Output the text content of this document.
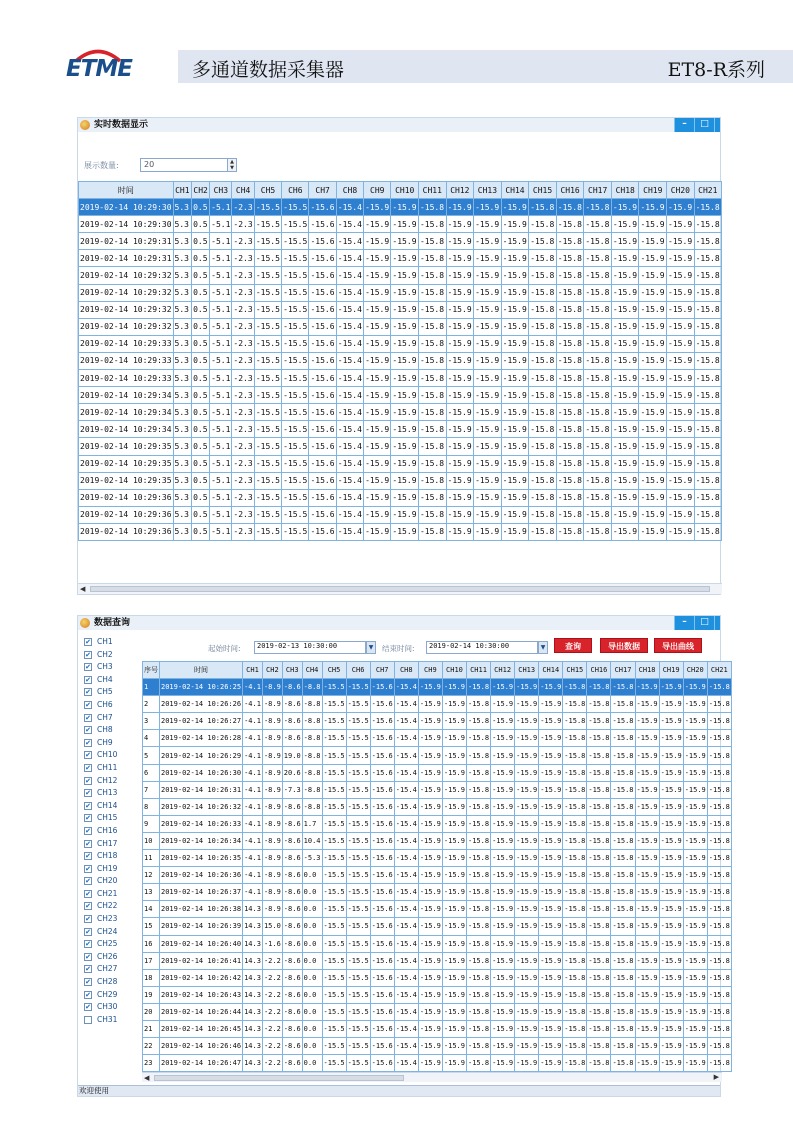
ETME	多通道数据采集器	ET8-R系列
实时数据显示	–	□
展示数量:	20	▲
▼
时间	CH1	CH2	CH3	CH4	CH5	CH6	CH7	CH8	CH9	CH10	CH11	CH12	CH13	CH14	CH15	CH16	CH17	CH18	CH19	CH20	CH21
2019-02-14 10:29:30	5.3	0.5	-5.1	-2.3	-15.5	-15.5	-15.6	-15.4	-15.9	-15.9	-15.8	-15.9	-15.9	-15.9	-15.8	-15.8	-15.8	-15.9	-15.9	-15.9	-15.8
2019-02-14 10:29:30	5.3	0.5	-5.1	-2.3	-15.5	-15.5	-15.6	-15.4	-15.9	-15.9	-15.8	-15.9	-15.9	-15.9	-15.8	-15.8	-15.8	-15.9	-15.9	-15.9	-15.8
2019-02-14 10:29:31	5.3	0.5	-5.1	-2.3	-15.5	-15.5	-15.6	-15.4	-15.9	-15.9	-15.8	-15.9	-15.9	-15.9	-15.8	-15.8	-15.8	-15.9	-15.9	-15.9	-15.8
2019-02-14 10:29:31	5.3	0.5	-5.1	-2.3	-15.5	-15.5	-15.6	-15.4	-15.9	-15.9	-15.8	-15.9	-15.9	-15.9	-15.8	-15.8	-15.8	-15.9	-15.9	-15.9	-15.8
2019-02-14 10:29:32	5.3	0.5	-5.1	-2.3	-15.5	-15.5	-15.6	-15.4	-15.9	-15.9	-15.8	-15.9	-15.9	-15.9	-15.8	-15.8	-15.8	-15.9	-15.9	-15.9	-15.8
2019-02-14 10:29:32	5.3	0.5	-5.1	-2.3	-15.5	-15.5	-15.6	-15.4	-15.9	-15.9	-15.8	-15.9	-15.9	-15.9	-15.8	-15.8	-15.8	-15.9	-15.9	-15.9	-15.8
2019-02-14 10:29:32	5.3	0.5	-5.1	-2.3	-15.5	-15.5	-15.6	-15.4	-15.9	-15.9	-15.8	-15.9	-15.9	-15.9	-15.8	-15.8	-15.8	-15.9	-15.9	-15.9	-15.8
2019-02-14 10:29:32	5.3	0.5	-5.1	-2.3	-15.5	-15.5	-15.6	-15.4	-15.9	-15.9	-15.8	-15.9	-15.9	-15.9	-15.8	-15.8	-15.8	-15.9	-15.9	-15.9	-15.8
2019-02-14 10:29:33	5.3	0.5	-5.1	-2.3	-15.5	-15.5	-15.6	-15.4	-15.9	-15.9	-15.8	-15.9	-15.9	-15.9	-15.8	-15.8	-15.8	-15.9	-15.9	-15.9	-15.8
2019-02-14 10:29:33	5.3	0.5	-5.1	-2.3	-15.5	-15.5	-15.6	-15.4	-15.9	-15.9	-15.8	-15.9	-15.9	-15.9	-15.8	-15.8	-15.8	-15.9	-15.9	-15.9	-15.8
2019-02-14 10:29:33	5.3	0.5	-5.1	-2.3	-15.5	-15.5	-15.6	-15.4	-15.9	-15.9	-15.8	-15.9	-15.9	-15.9	-15.8	-15.8	-15.8	-15.9	-15.9	-15.9	-15.8
2019-02-14 10:29:34	5.3	0.5	-5.1	-2.3	-15.5	-15.5	-15.6	-15.4	-15.9	-15.9	-15.8	-15.9	-15.9	-15.9	-15.8	-15.8	-15.8	-15.9	-15.9	-15.9	-15.8
2019-02-14 10:29:34	5.3	0.5	-5.1	-2.3	-15.5	-15.5	-15.6	-15.4	-15.9	-15.9	-15.8	-15.9	-15.9	-15.9	-15.8	-15.8	-15.8	-15.9	-15.9	-15.9	-15.8
2019-02-14 10:29:34	5.3	0.5	-5.1	-2.3	-15.5	-15.5	-15.6	-15.4	-15.9	-15.9	-15.8	-15.9	-15.9	-15.9	-15.8	-15.8	-15.8	-15.9	-15.9	-15.9	-15.8
2019-02-14 10:29:35	5.3	0.5	-5.1	-2.3	-15.5	-15.5	-15.6	-15.4	-15.9	-15.9	-15.8	-15.9	-15.9	-15.9	-15.8	-15.8	-15.8	-15.9	-15.9	-15.9	-15.8
2019-02-14 10:29:35	5.3	0.5	-5.1	-2.3	-15.5	-15.5	-15.6	-15.4	-15.9	-15.9	-15.8	-15.9	-15.9	-15.9	-15.8	-15.8	-15.8	-15.9	-15.9	-15.9	-15.8
2019-02-14 10:29:35	5.3	0.5	-5.1	-2.3	-15.5	-15.5	-15.6	-15.4	-15.9	-15.9	-15.8	-15.9	-15.9	-15.9	-15.8	-15.8	-15.8	-15.9	-15.9	-15.9	-15.8
2019-02-14 10:29:36	5.3	0.5	-5.1	-2.3	-15.5	-15.5	-15.6	-15.4	-15.9	-15.9	-15.8	-15.9	-15.9	-15.9	-15.8	-15.8	-15.8	-15.9	-15.9	-15.9	-15.8
2019-02-14 10:29:36	5.3	0.5	-5.1	-2.3	-15.5	-15.5	-15.6	-15.4	-15.9	-15.9	-15.8	-15.9	-15.9	-15.9	-15.8	-15.8	-15.8	-15.9	-15.9	-15.9	-15.8
2019-02-14 10:29:36	5.3	0.5	-5.1	-2.3	-15.5	-15.5	-15.6	-15.4	-15.9	-15.9	-15.8	-15.9	-15.9	-15.9	-15.8	-15.8	-15.8	-15.9	-15.9	-15.9	-15.8
◀
数据查询	–	□
✔ CH1
✔ CH2
✔ CH3
✔ CH4
✔ CH5
✔ CH6
✔ CH7
✔ CH8
✔ CH9
✔ CH10
✔ CH11
✔ CH12
✔ CH13
✔ CH14
✔ CH15
✔ CH16
✔ CH17
✔ CH18
✔ CH19
✔ CH20
✔ CH21
✔ CH22
✔ CH23
✔ CH24
✔ CH25
✔ CH26
✔ CH27
✔ CH28
✔ CH29
✔ CH30
CH31
起始时间:	2019-02-13 10:30:00	▼	结束时间:	2019-02-14 10:30:00	▼	查询	导出数据	导出曲线
序号	时间	CH1	CH2	CH3	CH4	CH5	CH6	CH7	CH8	CH9	CH10	CH11	CH12	CH13	CH14	CH15	CH16	CH17	CH18	CH19	CH20	CH21
1	2019-02-14 10:26:25	-4.1	-8.9	-8.6	-8.8	-15.5	-15.5	-15.6	-15.4	-15.9	-15.9	-15.8	-15.9	-15.9	-15.9	-15.8	-15.8	-15.8	-15.9	-15.9	-15.9	-15.8
2	2019-02-14 10:26:26	-4.1	-8.9	-8.6	-8.8	-15.5	-15.5	-15.6	-15.4	-15.9	-15.9	-15.8	-15.9	-15.9	-15.9	-15.8	-15.8	-15.8	-15.9	-15.9	-15.9	-15.8
3	2019-02-14 10:26:27	-4.1	-8.9	-8.6	-8.8	-15.5	-15.5	-15.6	-15.4	-15.9	-15.9	-15.8	-15.9	-15.9	-15.9	-15.8	-15.8	-15.8	-15.9	-15.9	-15.9	-15.8
4	2019-02-14 10:26:28	-4.1	-8.9	-8.6	-8.8	-15.5	-15.5	-15.6	-15.4	-15.9	-15.9	-15.8	-15.9	-15.9	-15.9	-15.8	-15.8	-15.8	-15.9	-15.9	-15.9	-15.8
5	2019-02-14 10:26:29	-4.1	-8.9	19.0	-8.8	-15.5	-15.5	-15.6	-15.4	-15.9	-15.9	-15.8	-15.9	-15.9	-15.9	-15.8	-15.8	-15.8	-15.9	-15.9	-15.9	-15.8
6	2019-02-14 10:26:30	-4.1	-8.9	20.6	-8.8	-15.5	-15.5	-15.6	-15.4	-15.9	-15.9	-15.8	-15.9	-15.9	-15.9	-15.8	-15.8	-15.8	-15.9	-15.9	-15.9	-15.8
7	2019-02-14 10:26:31	-4.1	-8.9	-7.3	-8.8	-15.5	-15.5	-15.6	-15.4	-15.9	-15.9	-15.8	-15.9	-15.9	-15.9	-15.8	-15.8	-15.8	-15.9	-15.9	-15.9	-15.8
8	2019-02-14 10:26:32	-4.1	-8.9	-8.6	-8.8	-15.5	-15.5	-15.6	-15.4	-15.9	-15.9	-15.8	-15.9	-15.9	-15.9	-15.8	-15.8	-15.8	-15.9	-15.9	-15.9	-15.8
9	2019-02-14 10:26:33	-4.1	-8.9	-8.6	1.7	-15.5	-15.5	-15.6	-15.4	-15.9	-15.9	-15.8	-15.9	-15.9	-15.9	-15.8	-15.8	-15.8	-15.9	-15.9	-15.9	-15.8
10	2019-02-14 10:26:34	-4.1	-8.9	-8.6	10.4	-15.5	-15.5	-15.6	-15.4	-15.9	-15.9	-15.8	-15.9	-15.9	-15.9	-15.8	-15.8	-15.8	-15.9	-15.9	-15.9	-15.8
11	2019-02-14 10:26:35	-4.1	-8.9	-8.6	-5.3	-15.5	-15.5	-15.6	-15.4	-15.9	-15.9	-15.8	-15.9	-15.9	-15.9	-15.8	-15.8	-15.8	-15.9	-15.9	-15.9	-15.8
12	2019-02-14 10:26:36	-4.1	-8.9	-8.6	0.0	-15.5	-15.5	-15.6	-15.4	-15.9	-15.9	-15.8	-15.9	-15.9	-15.9	-15.8	-15.8	-15.8	-15.9	-15.9	-15.9	-15.8
13	2019-02-14 10:26:37	-4.1	-8.9	-8.6	0.0	-15.5	-15.5	-15.6	-15.4	-15.9	-15.9	-15.8	-15.9	-15.9	-15.9	-15.8	-15.8	-15.8	-15.9	-15.9	-15.9	-15.8
14	2019-02-14 10:26:38	14.3	-8.9	-8.6	0.0	-15.5	-15.5	-15.6	-15.4	-15.9	-15.9	-15.8	-15.9	-15.9	-15.9	-15.8	-15.8	-15.8	-15.9	-15.9	-15.9	-15.8
15	2019-02-14 10:26:39	14.3	15.0	-8.6	0.0	-15.5	-15.5	-15.6	-15.4	-15.9	-15.9	-15.8	-15.9	-15.9	-15.9	-15.8	-15.8	-15.8	-15.9	-15.9	-15.9	-15.8
16	2019-02-14 10:26:40	14.3	-1.6	-8.6	0.0	-15.5	-15.5	-15.6	-15.4	-15.9	-15.9	-15.8	-15.9	-15.9	-15.9	-15.8	-15.8	-15.8	-15.9	-15.9	-15.9	-15.8
17	2019-02-14 10:26:41	14.3	-2.2	-8.6	0.0	-15.5	-15.5	-15.6	-15.4	-15.9	-15.9	-15.8	-15.9	-15.9	-15.9	-15.8	-15.8	-15.8	-15.9	-15.9	-15.9	-15.8
18	2019-02-14 10:26:42	14.3	-2.2	-8.6	0.0	-15.5	-15.5	-15.6	-15.4	-15.9	-15.9	-15.8	-15.9	-15.9	-15.9	-15.8	-15.8	-15.8	-15.9	-15.9	-15.9	-15.8
19	2019-02-14 10:26:43	14.3	-2.2	-8.6	0.0	-15.5	-15.5	-15.6	-15.4	-15.9	-15.9	-15.8	-15.9	-15.9	-15.9	-15.8	-15.8	-15.8	-15.9	-15.9	-15.9	-15.8
20	2019-02-14 10:26:44	14.3	-2.2	-8.6	0.0	-15.5	-15.5	-15.6	-15.4	-15.9	-15.9	-15.8	-15.9	-15.9	-15.9	-15.8	-15.8	-15.8	-15.9	-15.9	-15.9	-15.8
21	2019-02-14 10:26:45	14.3	-2.2	-8.6	0.0	-15.5	-15.5	-15.6	-15.4	-15.9	-15.9	-15.8	-15.9	-15.9	-15.9	-15.8	-15.8	-15.8	-15.9	-15.9	-15.9	-15.8
22	2019-02-14 10:26:46	14.3	-2.2	-8.6	0.0	-15.5	-15.5	-15.6	-15.4	-15.9	-15.9	-15.8	-15.9	-15.9	-15.9	-15.8	-15.8	-15.8	-15.9	-15.9	-15.9	-15.8
23	2019-02-14 10:26:47	14.3	-2.2	-8.6	0.0	-15.5	-15.5	-15.6	-15.4	-15.9	-15.9	-15.8	-15.9	-15.9	-15.9	-15.8	-15.8	-15.8	-15.9	-15.9	-15.9	-15.8
◀	▶
欢迎使用
